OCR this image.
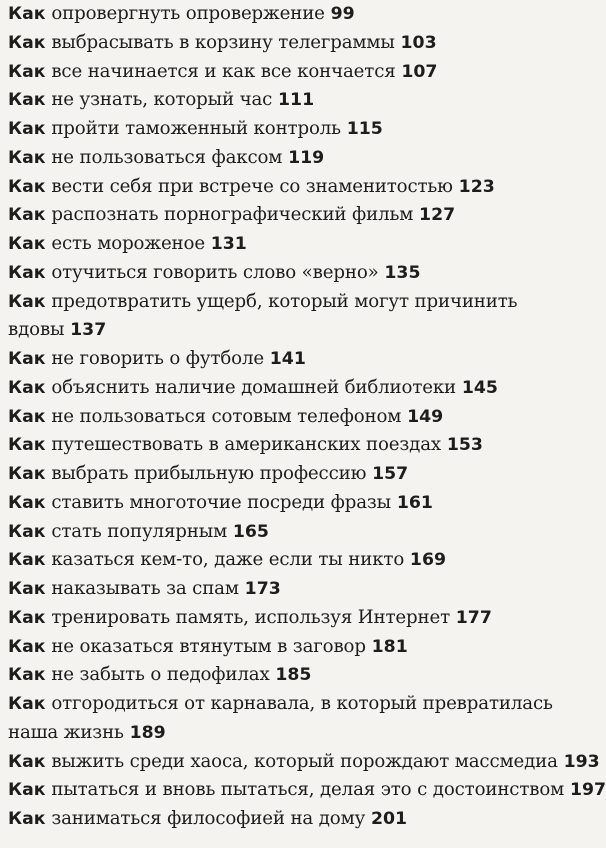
Как опровергнуть опровержение 99
Как выбрасывать в корзину телеграммы 103
Как все начинается и как все кончается 107
Как не узнать, который час 111
Как пройти таможенный контроль 115
Как не пользоваться факсом 119
Как вести себя при встрече со знаменитостью 123
Как распознать порнографический фильм 127
Как есть мороженое 131
Как отучиться говорить слово «верно» 135
Как предотвратить ущерб, который могут причинить
вдовы 137
Как не говорить о футболе 141
Как объяснить наличие домашней библиотеки 145
Как не пользоваться сотовым телефоном 149
Как путешествовать в американских поездах 153
Как выбрать прибыльную профессию 157
Как ставить многоточие посреди фразы 161
Как стать популярным 165
Как казаться кем-то, даже если ты никто 169
Как наказывать за спам 173
Как тренировать память, используя Интернет 177
Как не оказаться втянутым в заговор 181
Как не забыть о педофилах 185
Как отгородиться от карнавала, в который превратилась
наша жизнь 189
Как выжить среди хаоса, который порождают массмедиа 193
Как пытаться и вновь пытаться, делая это с достоинством 197
Как заниматься философией на дому 201
